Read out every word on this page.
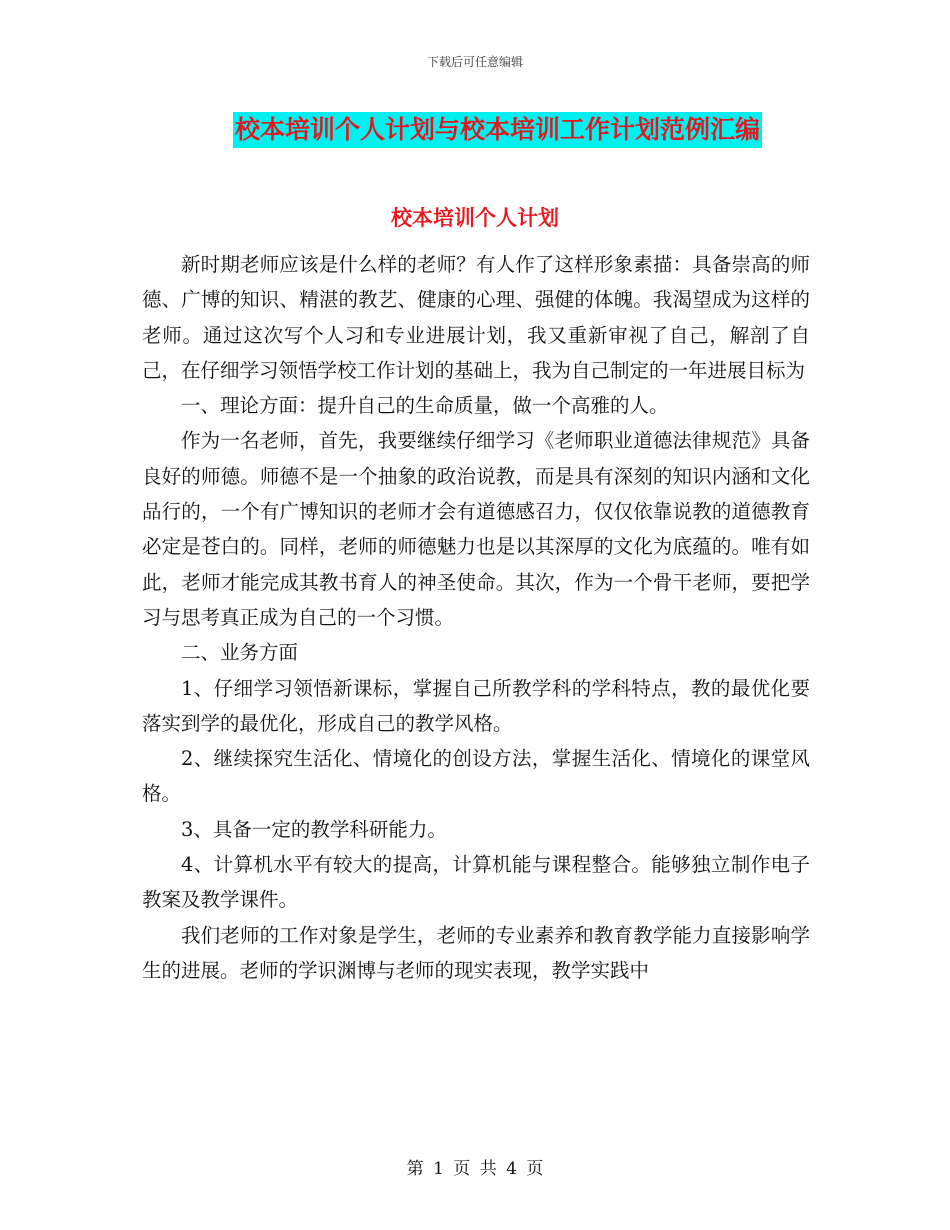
下载后可任意编辑
校本培训个人计划与校本培训工作计划范例汇编
校本培训个人计划

新时期老师应该是什么样的老师？有人作了这样形象素描：具备崇高的师德、广博的知识、精湛的教艺、健康的心理、强健的体魄。我渴望成为这样的老师。通过这次写个人习和专业进展计划，我又重新审视了自己，解剖了自己，在仔细学习领悟学校工作计划的基础上，我为自己制定的一年进展目标为

一、理论方面：提升自己的生命质量，做一个高雅的人。

作为一名老师，首先，我要继续仔细学习《老师职业道德法律规范》具备良好的师德。师德不是一个抽象的政治说教，而是具有深刻的知识内涵和文化品行的，一个有广博知识的老师才会有道德感召力，仅仅依靠说教的道德教育必定是苍白的。同样，老师的师德魅力也是以其深厚的文化为底蕴的。唯有如此，老师才能完成其教书育人的神圣使命。其次，作为一个骨干老师，要把学习与思考真正成为自己的一个习惯。

二、业务方面

1、仔细学习领悟新课标，掌握自己所教学科的学科特点，教的最优化要落实到学的最优化，形成自己的教学风格。

2、继续探究生活化、情境化的创设方法，掌握生活化、情境化的课堂风格。

3、具备一定的教学科研能力。

4、计算机水平有较大的提高，计算机能与课程整合。能够独立制作电子教案及教学课件。

我们老师的工作对象是学生，老师的专业素养和教育教学能力直接影响学生的进展。老师的学识渊博与老师的现实表现，教学实践中

第 1 页 共 4 页
